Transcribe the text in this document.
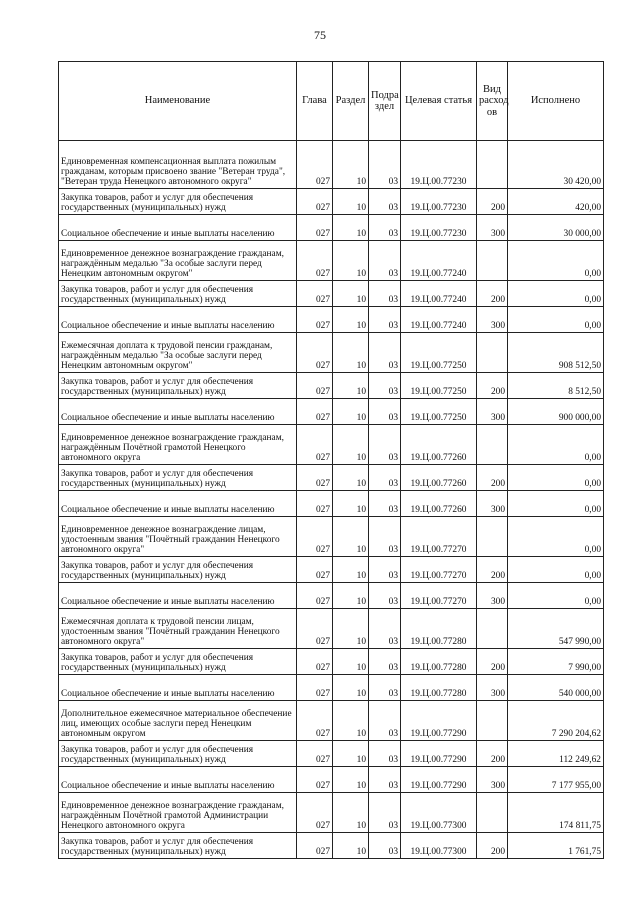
75
Наименование	Глава	Раздел	Подра здел	Целевая статья	Вид расход ов	Исполнено
Единовременная компенсационная выплата пожилым гражданам, которым присвоено звание "Ветеран труда", "Ветеран труда Ненецкого автономного округа"	027	10	03	19.Ц.00.77230		30 420,00
Закупка товаров, работ и услуг для обеспечения государственных (муниципальных) нужд	027	10	03	19.Ц.00.77230	200	420,00
Социальное обеспечение и иные выплаты населению	027	10	03	19.Ц.00.77230	300	30 000,00
Единовременное денежное вознаграждение гражданам, награждённым медалью "За особые заслуги перед Ненецким автономным округом"	027	10	03	19.Ц.00.77240		0,00
Закупка товаров, работ и услуг для обеспечения государственных (муниципальных) нужд	027	10	03	19.Ц.00.77240	200	0,00
Социальное обеспечение и иные выплаты населению	027	10	03	19.Ц.00.77240	300	0,00
Ежемесячная доплата к трудовой пенсии гражданам, награждённым медалью "За особые заслуги перед Ненецким автономным округом"	027	10	03	19.Ц.00.77250		908 512,50
Закупка товаров, работ и услуг для обеспечения государственных (муниципальных) нужд	027	10	03	19.Ц.00.77250	200	8 512,50
Социальное обеспечение и иные выплаты населению	027	10	03	19.Ц.00.77250	300	900 000,00
Единовременное денежное вознаграждение гражданам, награждённым Почётной грамотой Ненецкого автономного округа	027	10	03	19.Ц.00.77260		0,00
Закупка товаров, работ и услуг для обеспечения государственных (муниципальных) нужд	027	10	03	19.Ц.00.77260	200	0,00
Социальное обеспечение и иные выплаты населению	027	10	03	19.Ц.00.77260	300	0,00
Единовременное денежное вознаграждение лицам, удостоенным звания "Почётный гражданин Ненецкого автономного округа"	027	10	03	19.Ц.00.77270		0,00
Закупка товаров, работ и услуг для обеспечения государственных (муниципальных) нужд	027	10	03	19.Ц.00.77270	200	0,00
Социальное обеспечение и иные выплаты населению	027	10	03	19.Ц.00.77270	300	0,00
Ежемесячная доплата к трудовой пенсии лицам, удостоенным звания "Почётный гражданин Ненецкого автономного округа"	027	10	03	19.Ц.00.77280		547 990,00
Закупка товаров, работ и услуг для обеспечения государственных (муниципальных) нужд	027	10	03	19.Ц.00.77280	200	7 990,00
Социальное обеспечение и иные выплаты населению	027	10	03	19.Ц.00.77280	300	540 000,00
Дополнительное ежемесячное материальное обеспечение лиц, имеющих особые заслуги перед Ненецким автономным округом	027	10	03	19.Ц.00.77290		7 290 204,62
Закупка товаров, работ и услуг для обеспечения государственных (муниципальных) нужд	027	10	03	19.Ц.00.77290	200	112 249,62
Социальное обеспечение и иные выплаты населению	027	10	03	19.Ц.00.77290	300	7 177 955,00
Единовременное денежное вознаграждение гражданам, награждённым Почётной грамотой Администрации Ненецкого автономного округа	027	10	03	19.Ц.00.77300		174 811,75
Закупка товаров, работ и услуг для обеспечения государственных (муниципальных) нужд	027	10	03	19.Ц.00.77300	200	1 761,75
